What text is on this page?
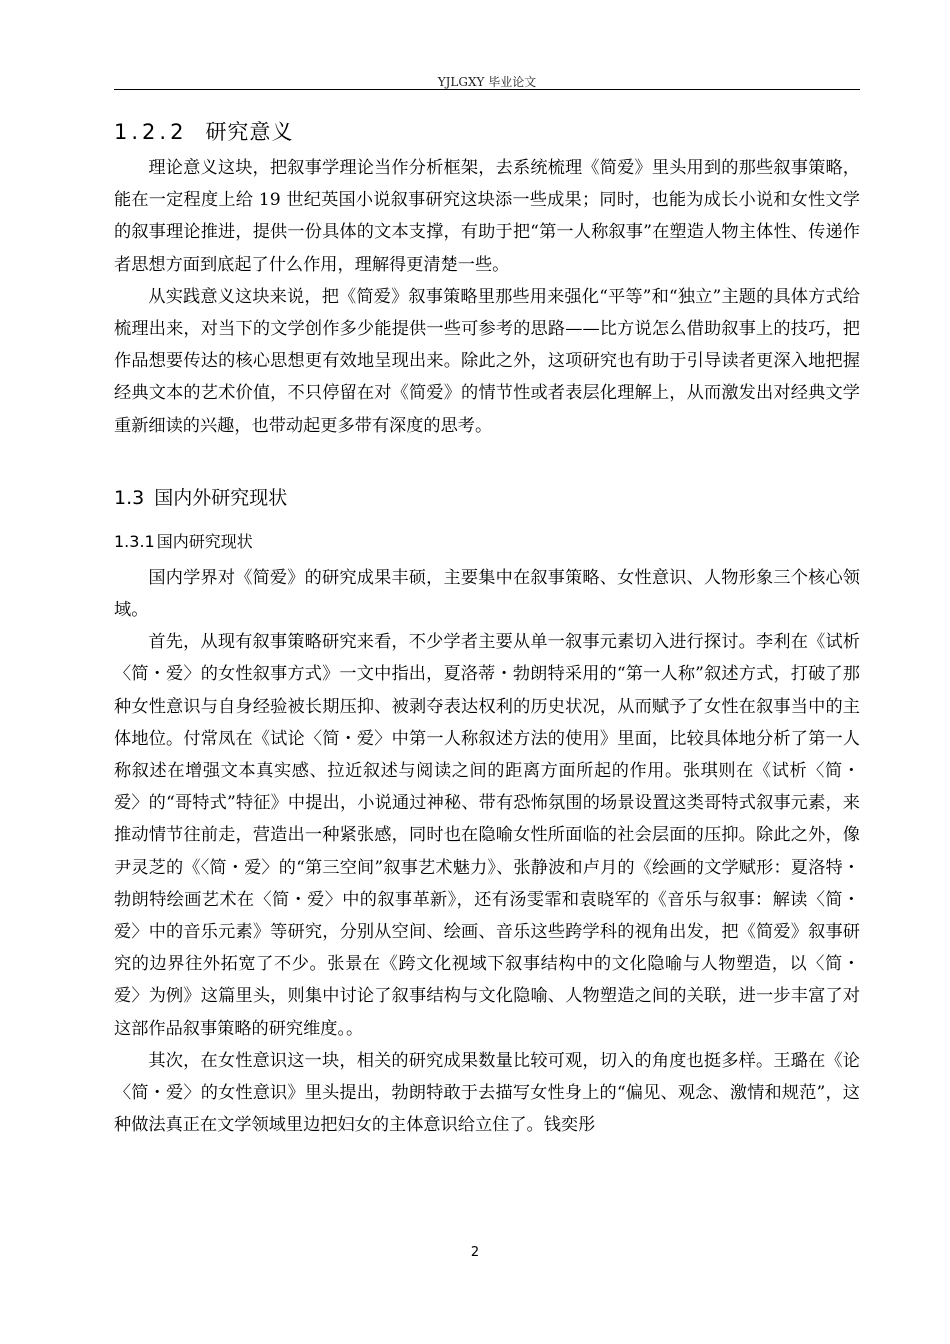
YJLGXY 毕业论文
1.2.2 研究意义

理论意义这块，把叙事学理论当作分析框架，去系统梳理《简爱》里头用到的那些叙事策略，能在一定程度上给 19 世纪英国小说叙事研究这块添一些成果；同时，也能为成长小说和女性文学的叙事理论推进，提供一份具体的文本支撑，有助于把“第一人称叙事”在塑造人物主体性、传递作者思想方面到底起了什么作用，理解得更清楚一些。

从实践意义这块来说，把《简爱》叙事策略里那些用来强化“平等”和“独立”主题的具体方式给梳理出来，对当下的文学创作多少能提供一些可参考的思路——比方说怎么借助叙事上的技巧，把作品想要传达的核心思想更有效地呈现出来。除此之外，这项研究也有助于引导读者更深入地把握经典文本的艺术价值，不只停留在对《简爱》的情节性或者表层化理解上，从而激发出对经典文学重新细读的兴趣，也带动起更多带有深度的思考。

1.3 国内外研究现状
1.3.1 国内研究现状

国内学界对《简爱》的研究成果丰硕，主要集中在叙事策略、女性意识、人物形象三个核心领域。

首先，从现有叙事策略研究来看，不少学者主要从单一叙事元素切入进行探讨。李利在《试析〈简・爱〉的女性叙事方式》一文中指出，夏洛蒂・勃朗特采用的“第一人称”叙述方式，打破了那种女性意识与自身经验被长期压抑、被剥夺表达权利的历史状况，从而赋予了女性在叙事当中的主体地位。付常凤在《试论〈简・爱〉中第一人称叙述方法的使用》里面，比较具体地分析了第一人称叙述在增强文本真实感、拉近叙述与阅读之间的距离方面所起的作用。张琪则在《试析〈简・爱〉的“哥特式”特征》中提出，小说通过神秘、带有恐怖氛围的场景设置这类哥特式叙事元素，来推动情节往前走，营造出一种紧张感，同时也在隐喻女性所面临的社会层面的压抑。除此之外，像尹灵芝的《〈简・爱〉的“第三空间”叙事艺术魅力》、张静波和卢月的《绘画的文学赋形：夏洛特・勃朗特绘画艺术在〈简・爱〉中的叙事革新》，还有汤雯霏和袁晓军的《音乐与叙事：解读〈简・爱〉中的音乐元素》等研究，分别从空间、绘画、音乐这些跨学科的视角出发，把《简爱》叙事研究的边界往外拓宽了不少。张景在《跨文化视域下叙事结构中的文化隐喻与人物塑造，以〈简・爱〉为例》这篇里头，则集中讨论了叙事结构与文化隐喻、人物塑造之间的关联，进一步丰富了对这部作品叙事策略的研究维度。。

其次，在女性意识这一块，相关的研究成果数量比较可观，切入的角度也挺多样。王璐在《论〈简・爱〉的女性意识》里头提出，勃朗特敢于去描写女性身上的“偏见、观念、激情和规范”，这种做法真正在文学领域里边把妇女的主体意识给立住了。钱奕彤

2
